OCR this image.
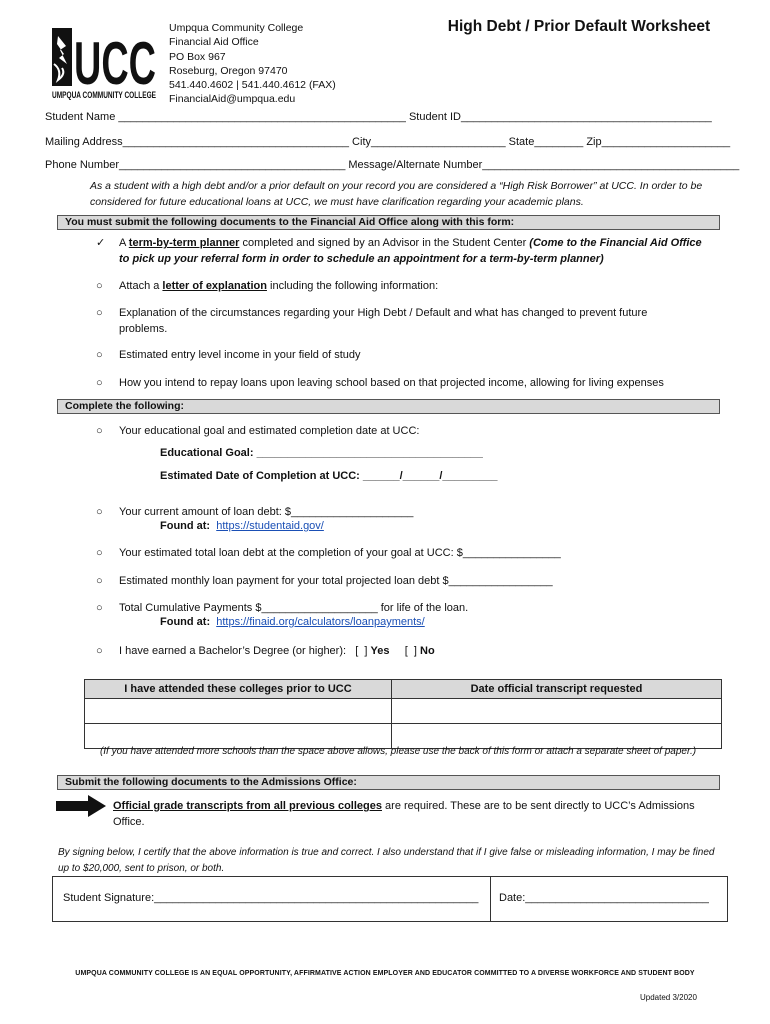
UCC
UMPQUA COMMUNITY COLLEGE
Umpqua Community College
Financial Aid Office
PO Box 967
Roseburg, Oregon 97470
541.440.4602 | 541.440.4612 (FAX)
FinancialAid@umpqua.edu
High Debt / Prior Default Worksheet
Student Name _______________________________________________ Student ID_________________________________________
Mailing Address_____________________________________ City______________________ State________ Zip_____________________
Phone Number_____________________________________ Message/Alternate Number__________________________________________
As a student with a high debt and/or a prior default on your record you are considered a “High Risk Borrower” at UCC. In order to be considered for future educational loans at UCC, we must have clarification regarding your academic plans.
You must submit the following documents to the Financial Aid Office along with this form:
✓	A term-by-term planner completed and signed by an Advisor in the Student Center (Come to the Financial Aid Office to pick up your referral form in order to schedule an appointment for a term-by-term planner)
○	Attach a letter of explanation including the following information:
○	Explanation of the circumstances regarding your High Debt / Default and what has changed to prevent future problems.
○	Estimated entry level income in your field of study
○	How you intend to repay loans upon leaving school based on that projected income, allowing for living expenses
Complete the following:
○	Your educational goal and estimated completion date at UCC:
Educational Goal: _____________________________________
Estimated Date of Completion at UCC: ______/______/_________
○	Your current amount of loan debt: $____________________
Found at: https://studentaid.gov/
○	Your estimated total loan debt at the completion of your goal at UCC: $________________
○	Estimated monthly loan payment for your total projected loan debt $_________________
○	Total Cumulative Payments $___________________ for life of the loan.
Found at:  https://finaid.org/calculators/loanpayments/
○	I have earned a Bachelor’s Degree (or higher):   [  ] Yes     [  ] No
I have attended these colleges prior to UCC	Date official transcript requested

(If you have attended more schools than the space above allows, please use the back of this form or attach a separate sheet of paper.)
Submit the following documents to the Admissions Office:
Official grade transcripts from all previous colleges are required. These are to be sent directly to UCC’s Admissions Office.
By signing below, I certify that the above information is true and correct. I also understand that if I give false or misleading information, I may be fined up to $20,000, sent to prison, or both.
Student Signature:_____________________________________________________ Date:______________________________
UMPQUA COMMUNITY COLLEGE IS AN EQUAL OPPORTUNITY, AFFIRMATIVE ACTION EMPLOYER AND EDUCATOR COMMITTED TO A DIVERSE WORKFORCE AND STUDENT BODY
Updated 3/2020
